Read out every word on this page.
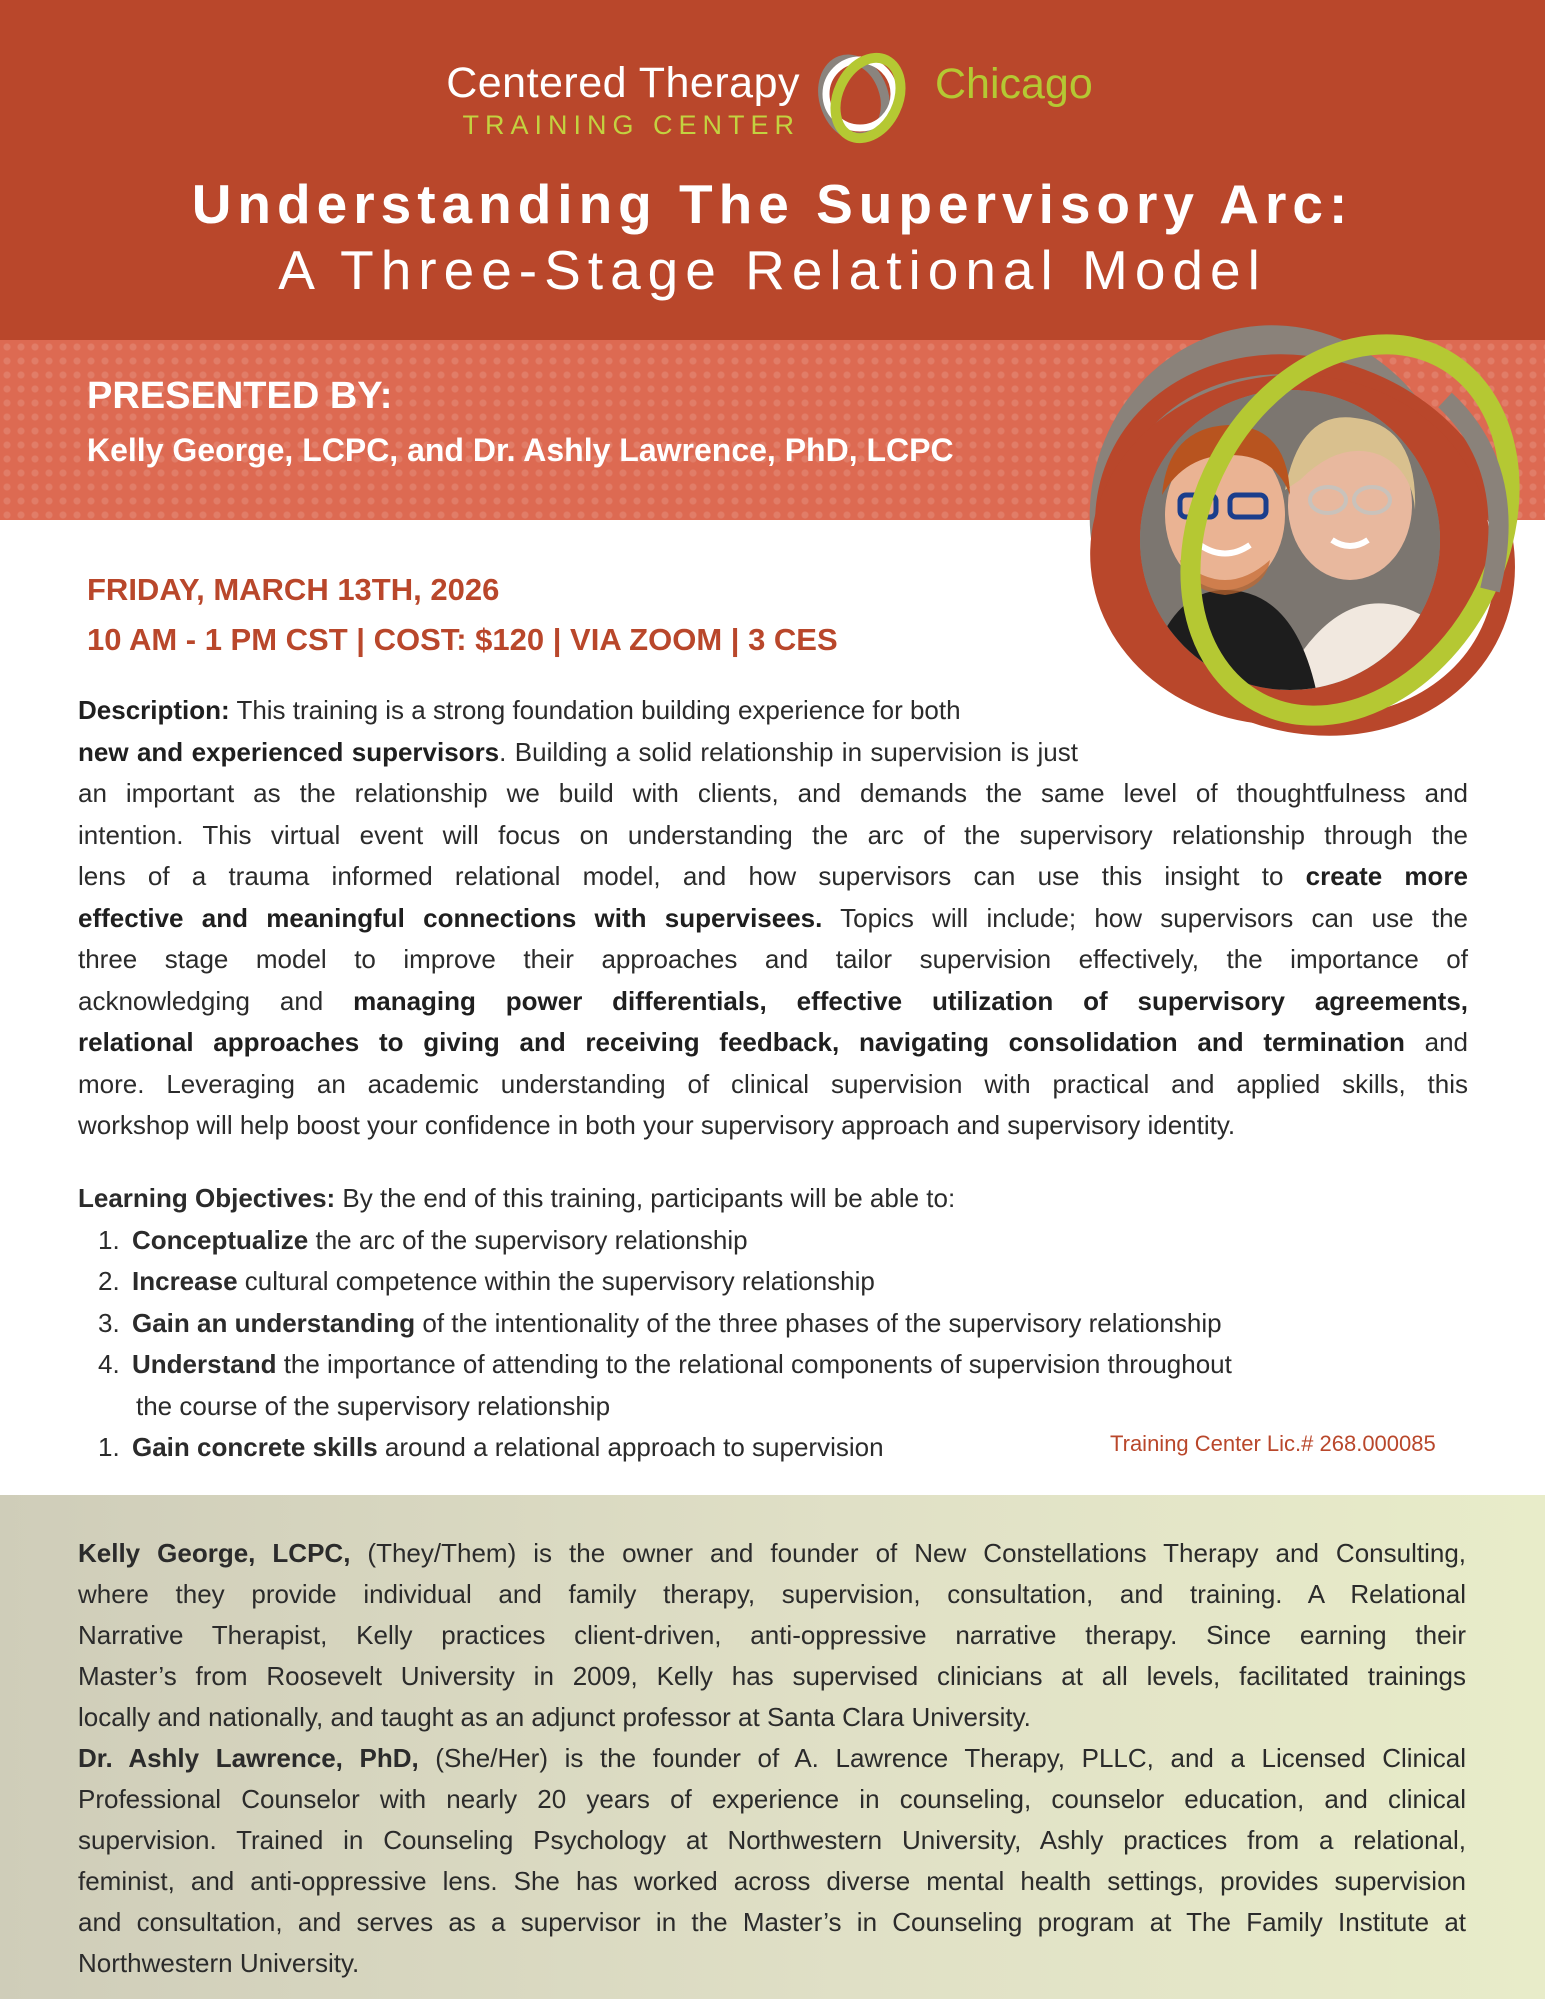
Centered Therapy
TRAINING CENTER
Chicago
Understanding The Supervisory Arc:
A Three-Stage Relational Model
PRESENTED BY:
Kelly George, LCPC, and Dr. Ashly Lawrence, PhD, LCPC
FRIDAY, MARCH 13TH, 2026
10 AM - 1 PM CST | COST: $120 | VIA ZOOM | 3 CES
Description: This training is a strong foundation building experience for both
new and experienced supervisors. Building a solid relationship in supervision is just
an important as the relationship we build with clients, and demands the same level of thoughtfulness and
intention. This virtual event will focus on understanding the arc of the supervisory relationship through the
lens of a trauma informed relational model, and how supervisors can use this insight to create more
effective and meaningful connections with supervisees. Topics will include; how supervisors can use the
three stage model to improve their approaches and tailor supervision effectively, the importance of
acknowledging and managing power differentials, effective utilization of supervisory agreements,
relational approaches to giving and receiving feedback, navigating consolidation and termination and
more. Leveraging an academic understanding of clinical supervision with practical and applied skills, this
workshop will help boost your confidence in both your supervisory approach and supervisory identity.
Learning Objectives: By the end of this training, participants will be able to:
1. Conceptualize the arc of the supervisory relationship
2. Increase cultural competence within the supervisory relationship
3. Gain an understanding of the intentionality of the three phases of the supervisory relationship
4. Understand the importance of attending to the relational components of supervision throughout
the course of the supervisory relationship
1. Gain concrete skills around a relational approach to supervision	Training Center Lic.# 268.000085
Kelly George, LCPC, (They/Them) is the owner and founder of New Constellations Therapy and Consulting,
where they provide individual and family therapy, supervision, consultation, and training. A Relational
Narrative Therapist, Kelly practices client-driven, anti-oppressive narrative therapy. Since earning their
Master’s from Roosevelt University in 2009, Kelly has supervised clinicians at all levels, facilitated trainings
locally and nationally, and taught as an adjunct professor at Santa Clara University.
Dr. Ashly Lawrence, PhD, (She/Her) is the founder of A. Lawrence Therapy, PLLC, and a Licensed Clinical
Professional Counselor with nearly 20 years of experience in counseling, counselor education, and clinical
supervision. Trained in Counseling Psychology at Northwestern University, Ashly practices from a relational,
feminist, and anti-oppressive lens. She has worked across diverse mental health settings, provides supervision
and consultation, and serves as a supervisor in the Master’s in Counseling program at The Family Institute at
Northwestern University.
